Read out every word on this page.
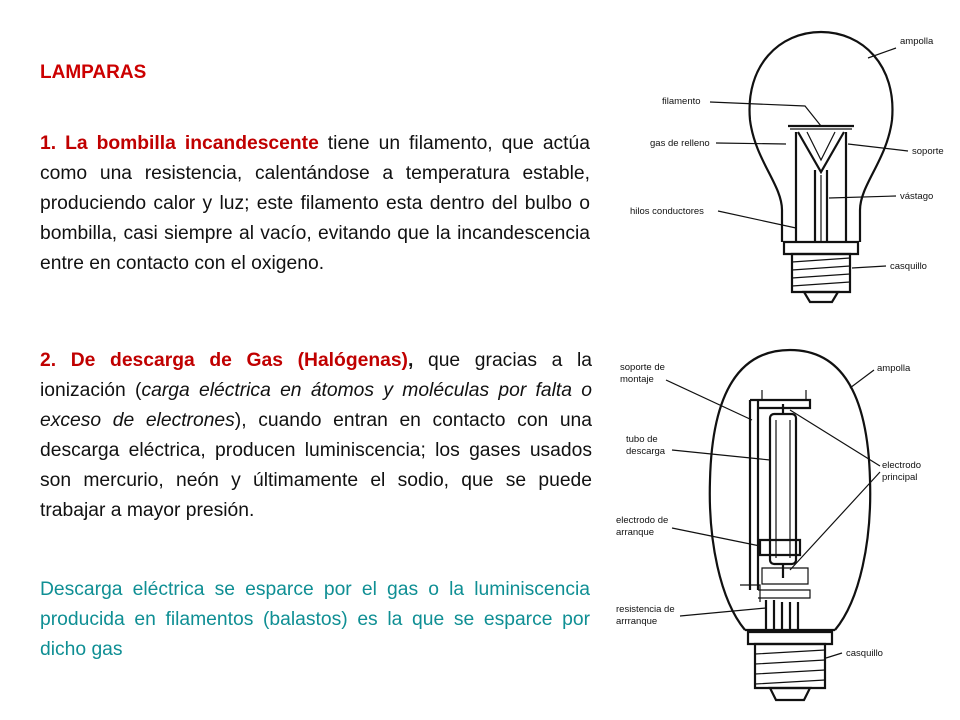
LAMPARAS
1. La bombilla incandescente tiene un filamento, que actúa como una resistencia, calentándose a temperatura estable, produciendo calor y luz; este filamento esta dentro del bulbo o bombilla, casi siempre al vacío, evitando que la incandescencia entre en contacto con el oxigeno.
2. De descarga de Gas (Halógenas), que gracias a la ionización (carga eléctrica en átomos y moléculas por falta o exceso de electrones), cuando entran en contacto con una descarga eléctrica, producen luminiscencia; los gases usados son mercurio, neón y últimamente el sodio, que se puede trabajar a mayor presión.
Descarga eléctrica se esparce por el gas o la luminiscencia producida en filamentos (balastos) es la que se esparce por dicho gas
ampolla
filamento
gas de relleno
soporte
vástago
hilos conductores
casquillo
soporte de
montaje
ampolla
tubo de
descarga
electrodo
principal
electrodo de
arranque
resistencia de
arrranque
casquillo
